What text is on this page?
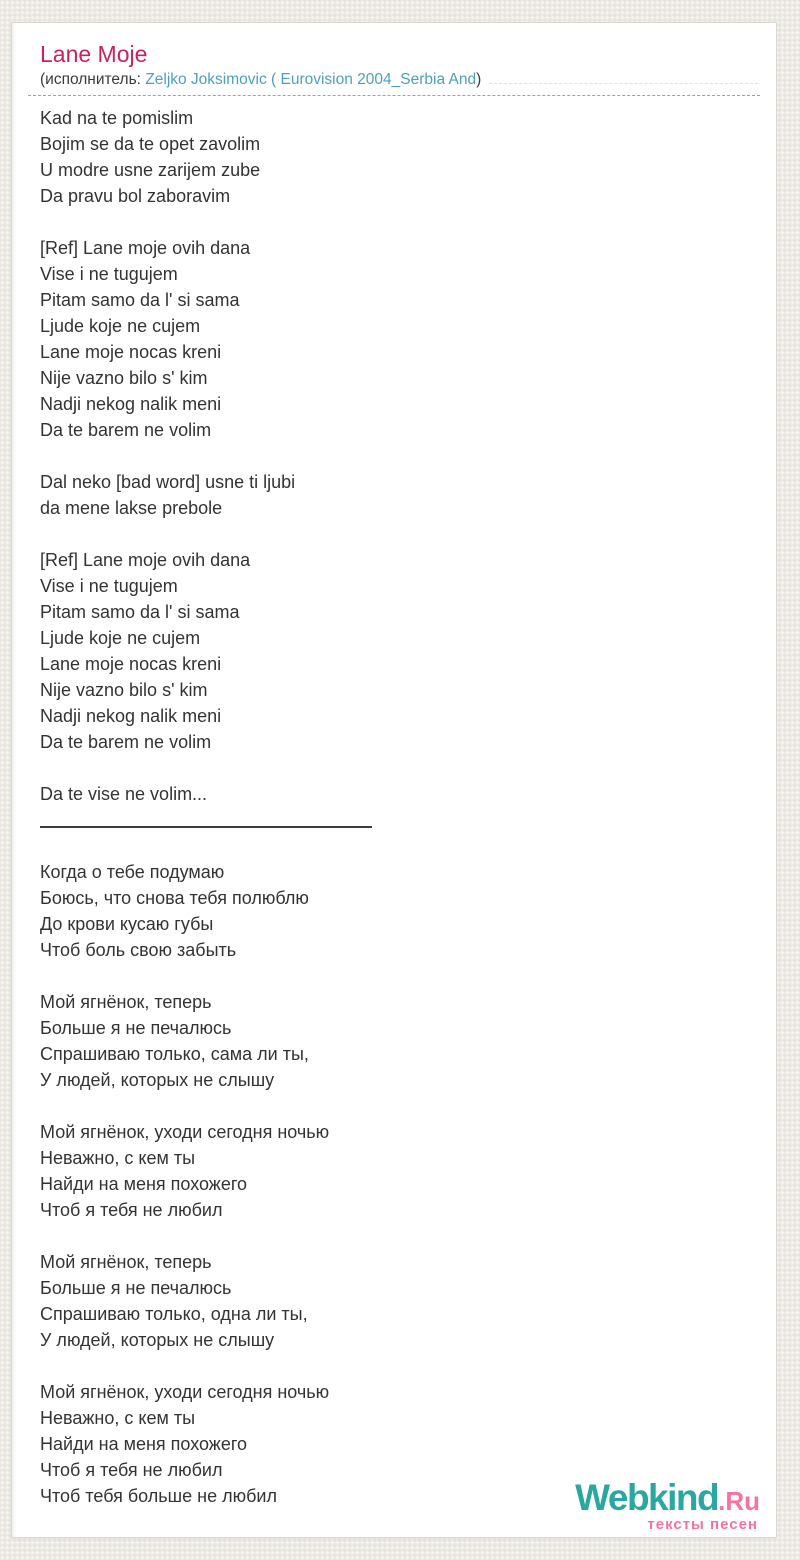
Lane Moje
(исполнитель: Zeljko Joksimovic ( Eurovision 2004_Serbia And )
Kad na te pomislim
Bojim se da te opet zavolim
U modre usne zarijem zube
Da pravu bol zaboravim
[Ref] Lane moje ovih dana
Vise i ne tugujem
Pitam samo da l' si sama
Ljude koje ne cujem
Lane moje nocas kreni
Nije vazno bilo s' kim
Nadji nekog nalik meni
Da te barem ne volim
Dal neko [bad word] usne ti ljubi
da mene lakse prebole
[Ref] Lane moje ovih dana
Vise i ne tugujem
Pitam samo da l' si sama
Ljude koje ne cujem
Lane moje nocas kreni
Nije vazno bilo s' kim
Nadji nekog nalik meni
Da te barem ne volim
Da te vise ne volim...
Когда о тебе подумаю
Боюсь, что снова тебя полюблю
До крови кусаю губы
Чтоб боль свою забыть
Мой ягнёнок, теперь
Больше я не печалюсь
Спрашиваю только, сама ли ты,
У людей, которых не слышу
Мой ягнёнок, уходи сегодня ночью
Неважно, с кем ты
Найди на меня похожего
Чтоб я тебя не любил
Мой ягнёнок, теперь
Больше я не печалюсь
Спрашиваю только, одна ли ты,
У людей, которых не слышу
Мой ягнёнок, уходи сегодня ночью
Неважно, с кем ты
Найди на меня похожего
Чтоб я тебя не любил
Чтоб тебя больше не любил	Webkind.Ru
тексты песен
